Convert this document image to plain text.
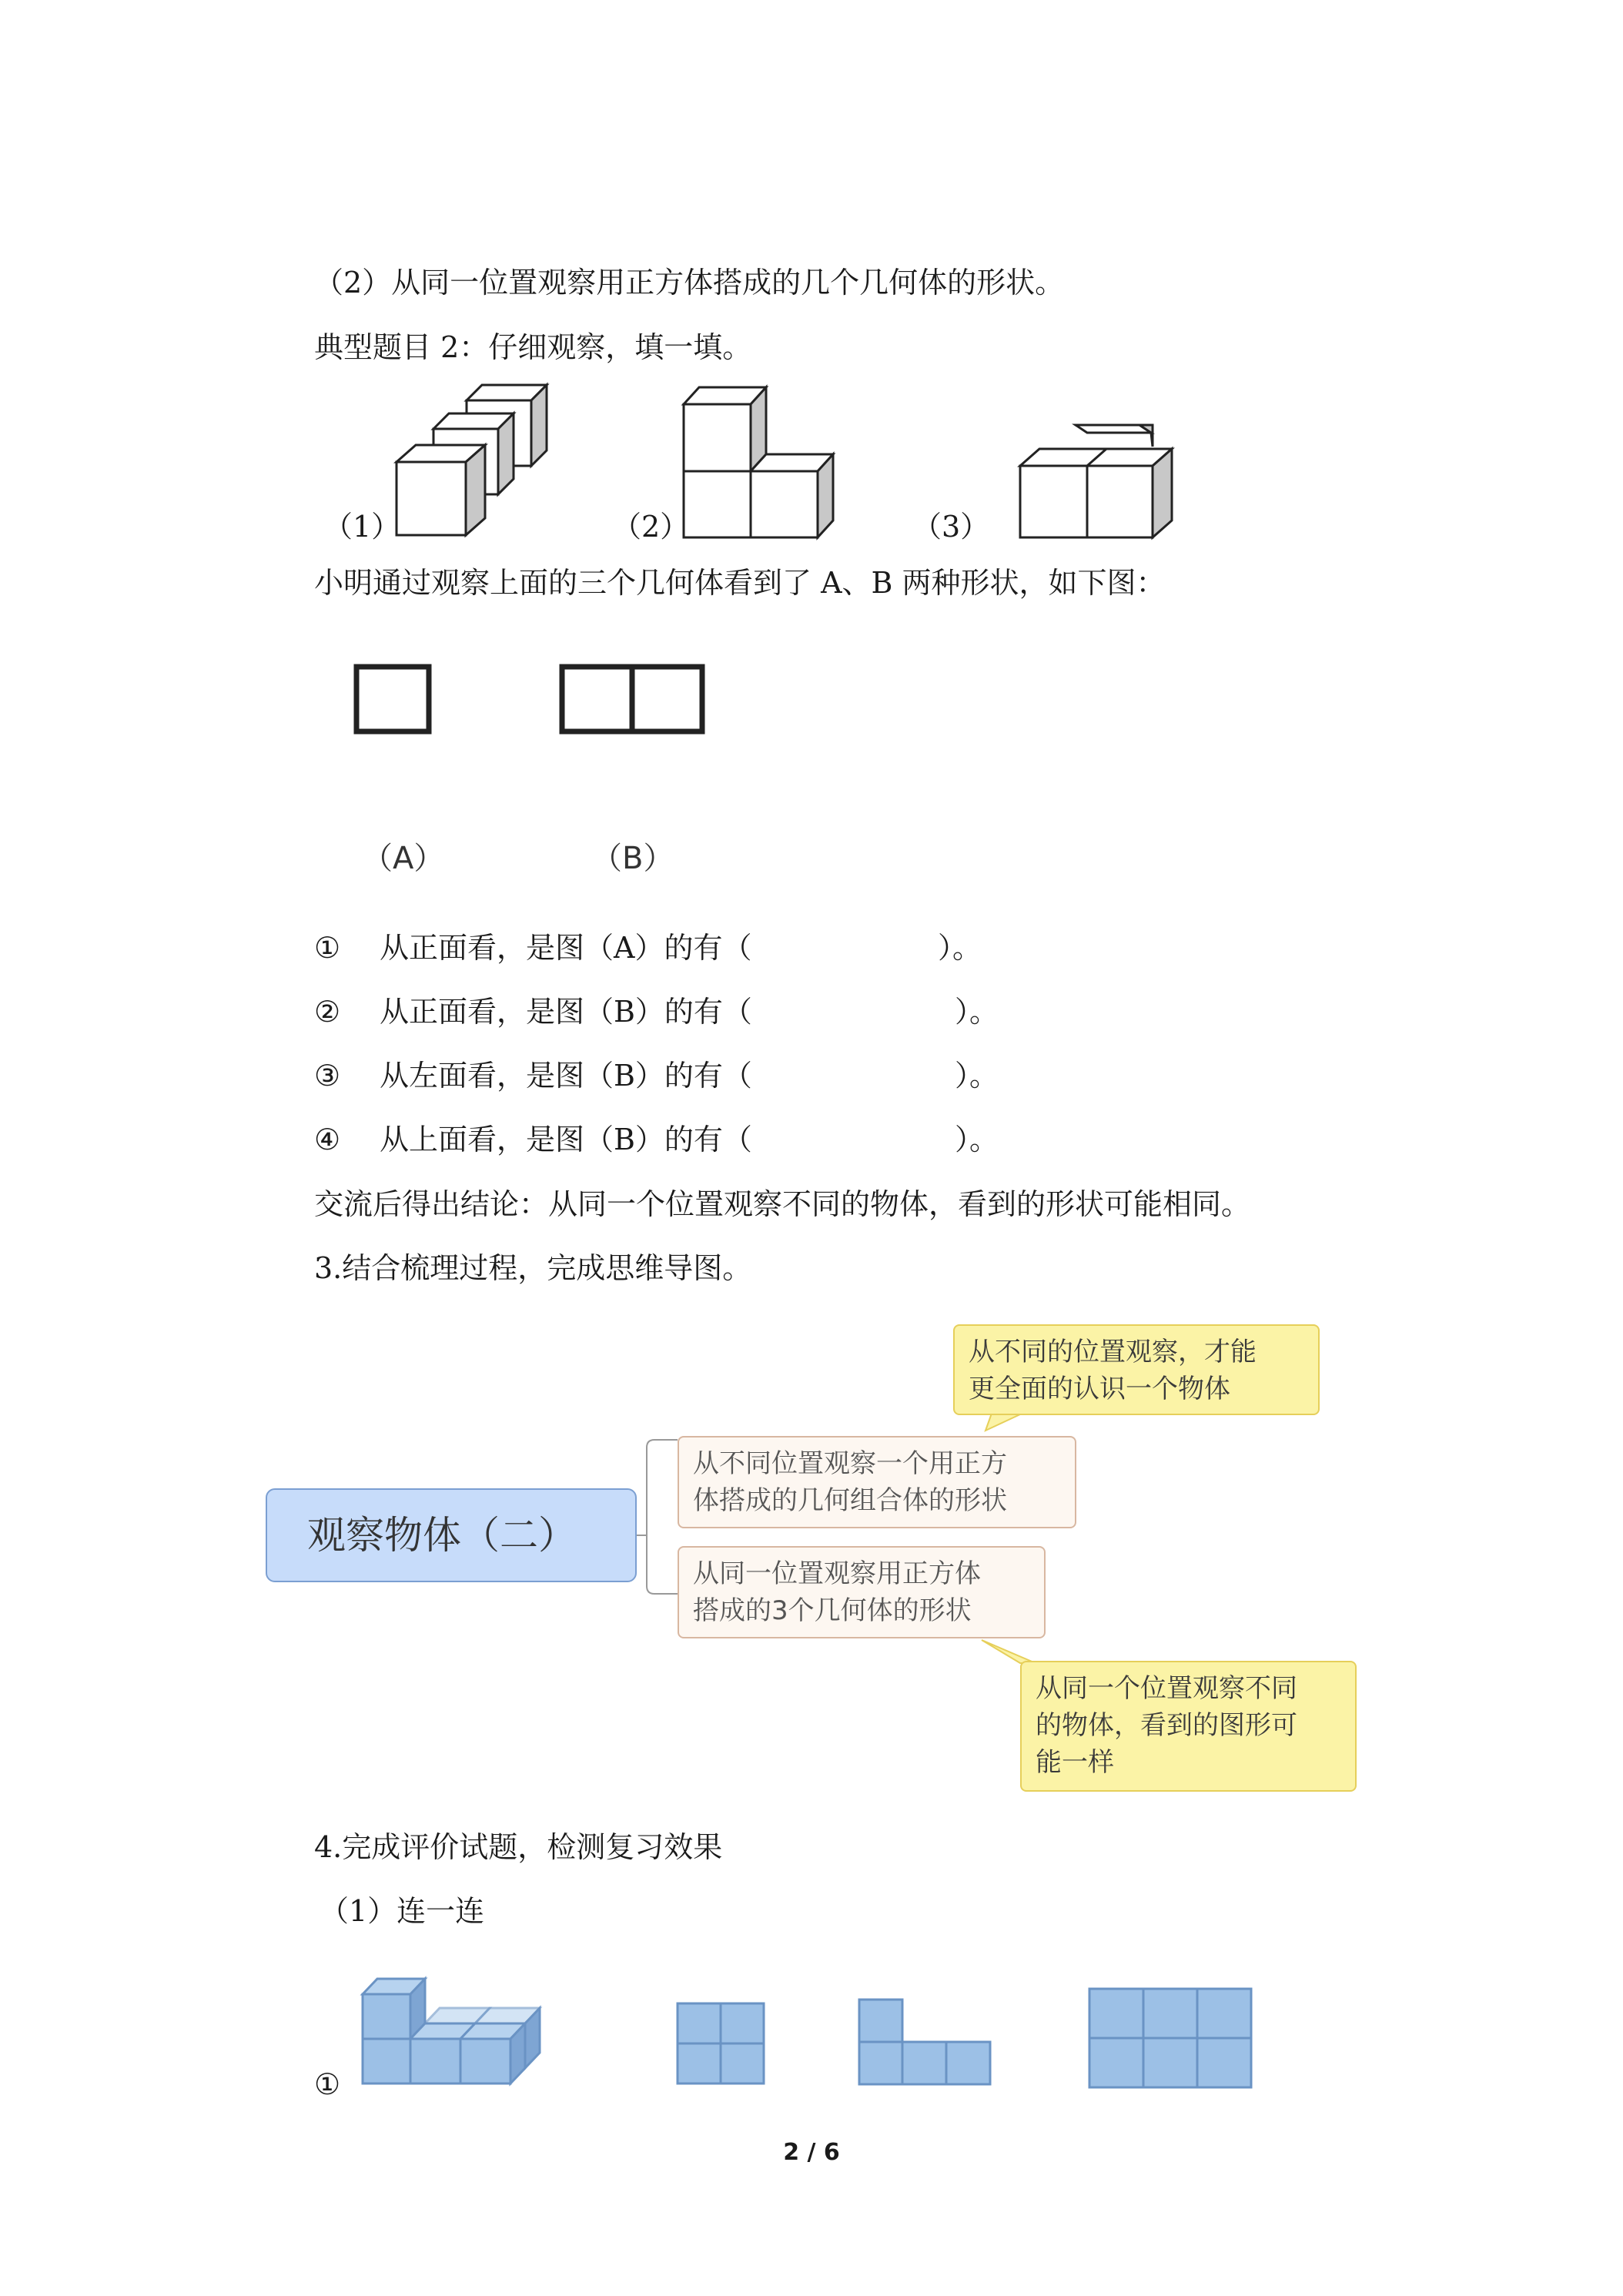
（2）从同一位置观察用正方体搭成的几个几何体的形状。
典型题目 2：仔细观察，填一填。
（1）	（2）	（3）
小明通过观察上面的三个几何体看到了 A、B 两种形状，如下图：
（A）	（B）
① 从正面看，是图（A）的有（	）。
② 从正面看，是图（B）的有（	）。
③ 从左面看，是图（B）的有（	）。
④ 从上面看，是图（B）的有（	）。
交流后得出结论：从同一个位置观察不同的物体，看到的形状可能相同。
3.结合梳理过程，完成思维导图。
观察物体（二）
从不同的位置观察，才能
更全面的认识一个物体
从不同位置观察一个用正方
体搭成的几何组合体的形状
从同一位置观察用正方体
搭成的3个几何体的形状
从同一个位置观察不同
的物体，看到的图形可
能一样
4.完成评价试题，检测复习效果
（1）连一连
①
2 / 6
